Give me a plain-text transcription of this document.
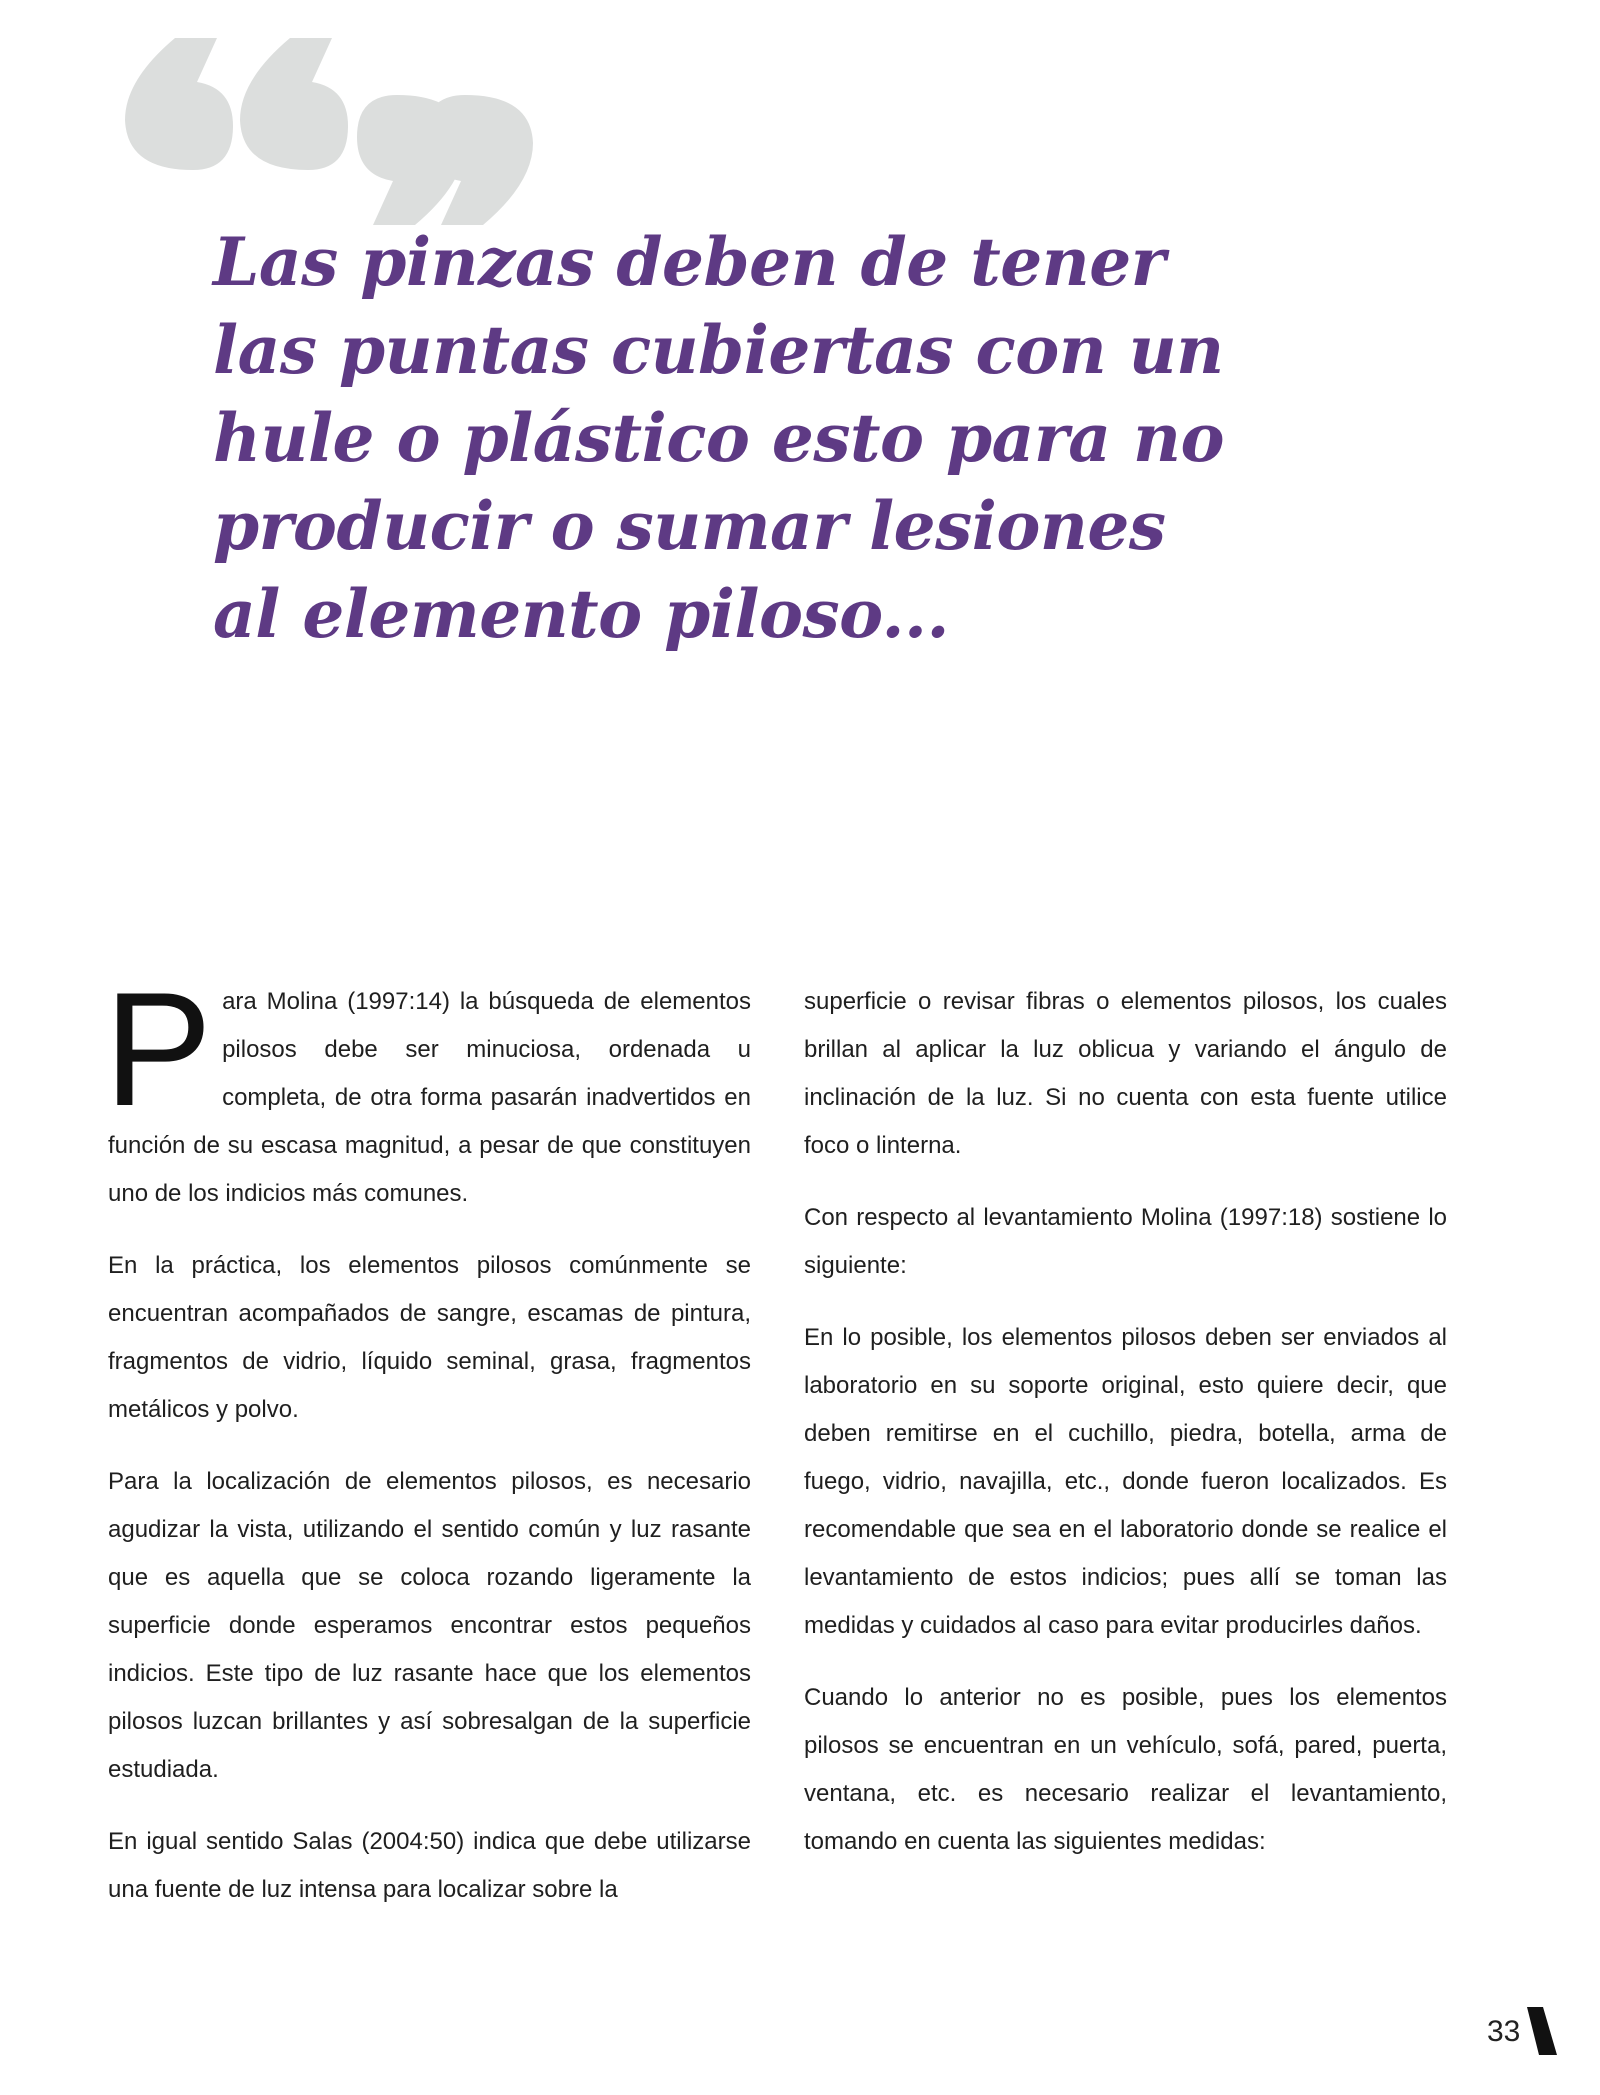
Las pinzas deben de tener
las puntas cubiertas con un
hule o plástico esto para no
producir o sumar lesiones
al elemento piloso...

Para Molina (1997:14) la búsqueda de elementos pilosos debe ser minuciosa, ordenada u completa, de otra forma pasarán inadvertidos en función de su escasa magnitud, a pesar de que constituyen uno de los indicios más comunes.

En la práctica, los elementos pilosos comúnmente se encuentran acompañados de sangre, escamas de pintura, fragmentos de vidrio, líquido seminal, grasa, fragmentos metálicos y polvo.

Para la localización de elementos pilosos, es necesario agudizar la vista, utilizando el sentido común y luz rasante que es aquella que se coloca rozando ligeramente la superficie donde esperamos encontrar estos pequeños indicios. Este tipo de luz rasante hace que los elementos pilosos luzcan brillantes y así sobresalgan de la superficie estudiada.

En igual sentido Salas (2004:50) indica que debe utilizarse una fuente de luz intensa para localizar sobre la

superficie o revisar fibras o elementos pilosos, los cuales brillan al aplicar la luz oblicua y variando el ángulo de inclinación de la luz. Si no cuenta con esta fuente utilice foco o linterna.

Con respecto al levantamiento Molina (1997:18) sostiene lo siguiente:

En lo posible, los elementos pilosos deben ser enviados al laboratorio en su soporte original, esto quiere decir, que deben remitirse en el cuchillo, piedra, botella, arma de fuego, vidrio, navajilla, etc., donde fueron localizados. Es recomendable que sea en el laboratorio donde se realice el levantamiento de estos indicios; pues allí se toman las medidas y cuidados al caso para evitar producirles daños.

Cuando lo anterior no es posible, pues los elementos pilosos se encuentran en un vehículo, sofá, pared, puerta, ventana, etc. es necesario realizar el levantamiento, tomando en cuenta las siguientes medidas:

33
